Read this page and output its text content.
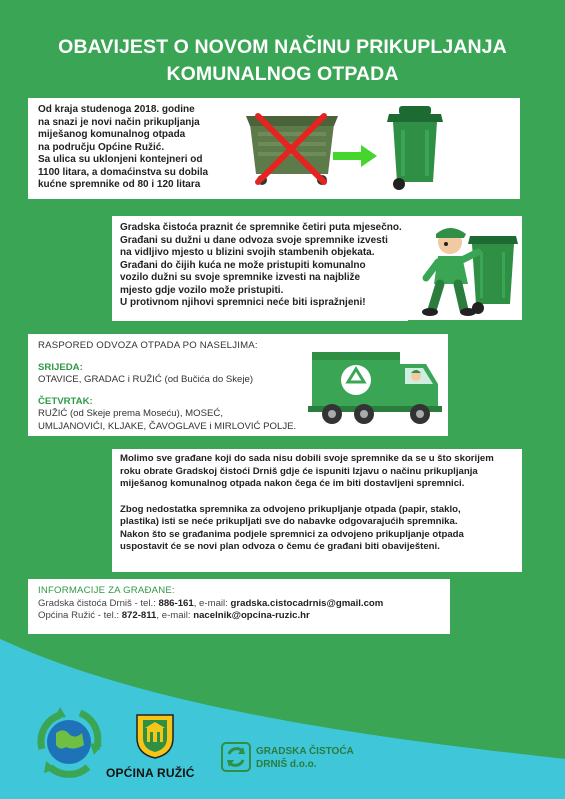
OBAVIJEST O NOVOM NAČINU PRIKUPLJANJA
KOMUNALNOG OTPADA
Od kraja studenoga 2018. godine
na snazi je novi način prikupljanja
miješanog komunalnog otpada
na području Općine Ružić.
Sa ulica su uklonjeni kontejneri od
1100 litara, a domaćinstva su dobila
kućne spremnike od 80 i 120 litara
Gradska čistoća praznit će spremnike četiri puta mjesečno.
Građani su dužni u dane odvoza svoje spremnike izvesti
na vidljivo mjesto u blizini svojih stambenih objekata.
Građani do čijih kuća ne može pristupiti komunalno
vozilo dužni su svoje spremnike izvesti na najbliže
mjesto gdje vozilo može pristupiti.
U protivnom njihovi spremnici neće biti ispražnjeni!
RASPORED ODVOZA OTPADA PO NASELJIMA:
SRIJEDA:
OTAVICE, GRADAC i RUŽIĆ (od Bučića do Skeje)
ČETVRTAK:
RUŽIĆ (od Skeje prema Moseću), MOSEĆ,
UMLJANOVIĆI, KLJAKE, ČAVOGLAVE i MIRLOVIĆ POLJE.

Molimo sve građane koji do sada nisu dobili svoje spremnike da se u što skorijem
roku obrate Gradskoj čistoći Drniš gdje će ispuniti Izjavu o načinu prikupljanja
miješanog komunalnog otpada nakon čega će im biti dostavljeni spremnici.

Zbog nedostatka spremnika za odvojeno prikupljanje otpada (papir, staklo,
plastika) isti se neće prikupljati sve do nabavke odgovarajućih spremnika.
Nakon što se građanima podjele spremnici za odvojeno prikupljanje otpada
uspostavit će se novi plan odvoza o čemu će građani biti obaviješteni.

INFORMACIJE ZA GRAĐANE:
Gradska čistoća Drniš - tel.: 886-161, e-mail: gradska.cistocadrnis@gmail.com
Općina Ružić - tel.: 872-811, e-mail: nacelnik@opcina-ruzic.hr
OPĆINA RUŽIĆ
GRADSKA ČISTOĆA
DRNIŠ d.o.o.
